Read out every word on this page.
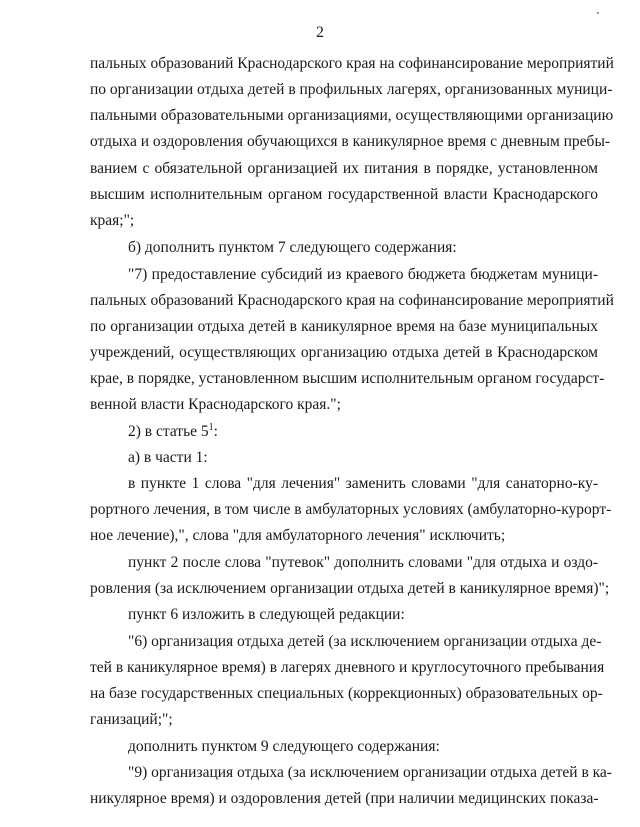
2
пальных образований Краснодарского края на софинансирование мероприятий
по организации отдыха детей в профильных лагерях, организованных муници-
пальными образовательными организациями, осуществляющими организацию
отдыха и оздоровления обучающихся в каникулярное время с дневным пребы-
ванием с обязательной организацией их питания в порядке, установленном
высшим исполнительным органом государственной власти Краснодарского
края;";
б) дополнить пунктом 7 следующего содержания:
"7) предоставление субсидий из краевого бюджета бюджетам муници-
пальных образований Краснодарского края на софинансирование мероприятий
по организации отдыха детей в каникулярное время на базе муниципальных
учреждений, осуществляющих организацию отдыха детей в Краснодарском
крае, в порядке, установленном высшим исполнительным органом государст-
венной власти Краснодарского края.";
2) в статье $5^1$:
а) в части 1:
в пункте 1 слова "для лечения" заменить словами "для санаторно-ку-
рортного лечения, в том числе в амбулаторных условиях (амбулаторно-курорт-
ное лечение),", слова "для амбулаторного лечения" исключить;
пункт 2 после слова "путевок" дополнить словами "для отдыха и оздо-
ровления (за исключением организации отдыха детей в каникулярное время)";
пункт 6 изложить в следующей редакции:
"6) организация отдыха детей (за исключением организации отдыха де-
тей в каникулярное время) в лагерях дневного и круглосуточного пребывания
на базе государственных специальных (коррекционных) образовательных ор-
ганизаций;";
дополнить пунктом 9 следующего содержания:
"9) организация отдыха (за исключением организации отдыха детей в ка-
никулярное время) и оздоровления детей (при наличии медицинских показа-
